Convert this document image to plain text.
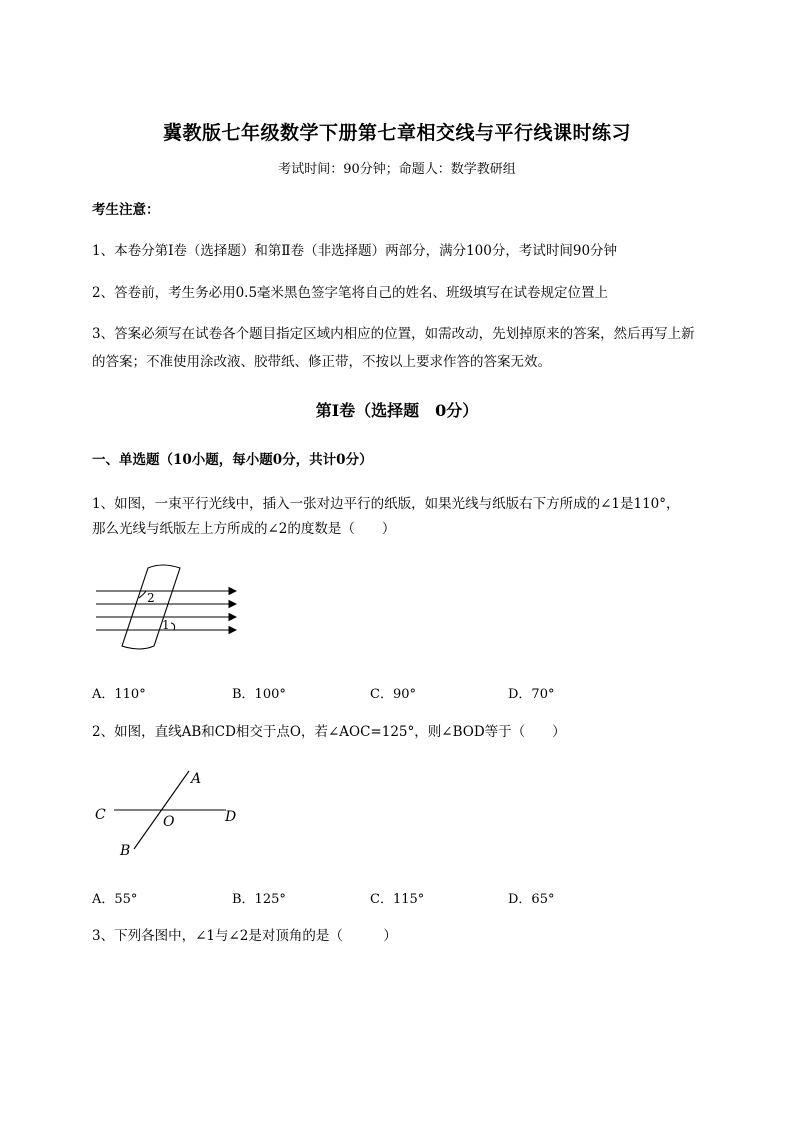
冀教版七年级数学下册第七章相交线与平行线课时练习
考试时间：90分钟；命题人：数学教研组
考生注意：
1、本卷分第I卷（选择题）和第Ⅱ卷（非选择题）两部分，满分100分，考试时间90分钟
2、答卷前，考生务必用0.5毫米黑色签字笔将自己的姓名、班级填写在试卷规定位置上
3、答案必须写在试卷各个题目指定区域内相应的位置，如需改动，先划掉原来的答案，然后再写上新
的答案；不准使用涂改液、胶带纸、修正带，不按以上要求作答的答案无效。
第I卷（选择题　0分）
一、单选题（10小题，每小题0分，共计0分）
1、如图，一束平行光线中，插入一张对边平行的纸版，如果光线与纸版右下方所成的∠1是110°，
那么光线与纸版左上方所成的∠2的度数是（　　）
2
1
A．110°	B．100°	C．90°	D．70°
2、如图，直线AB和CD相交于点O，若∠AOC=125°，则∠BOD等于（　　）
A
C	O	D
B
A．55°	B．125°	C．115°	D．65°
3、下列各图中，∠1与∠2是对顶角的是（　　　）
